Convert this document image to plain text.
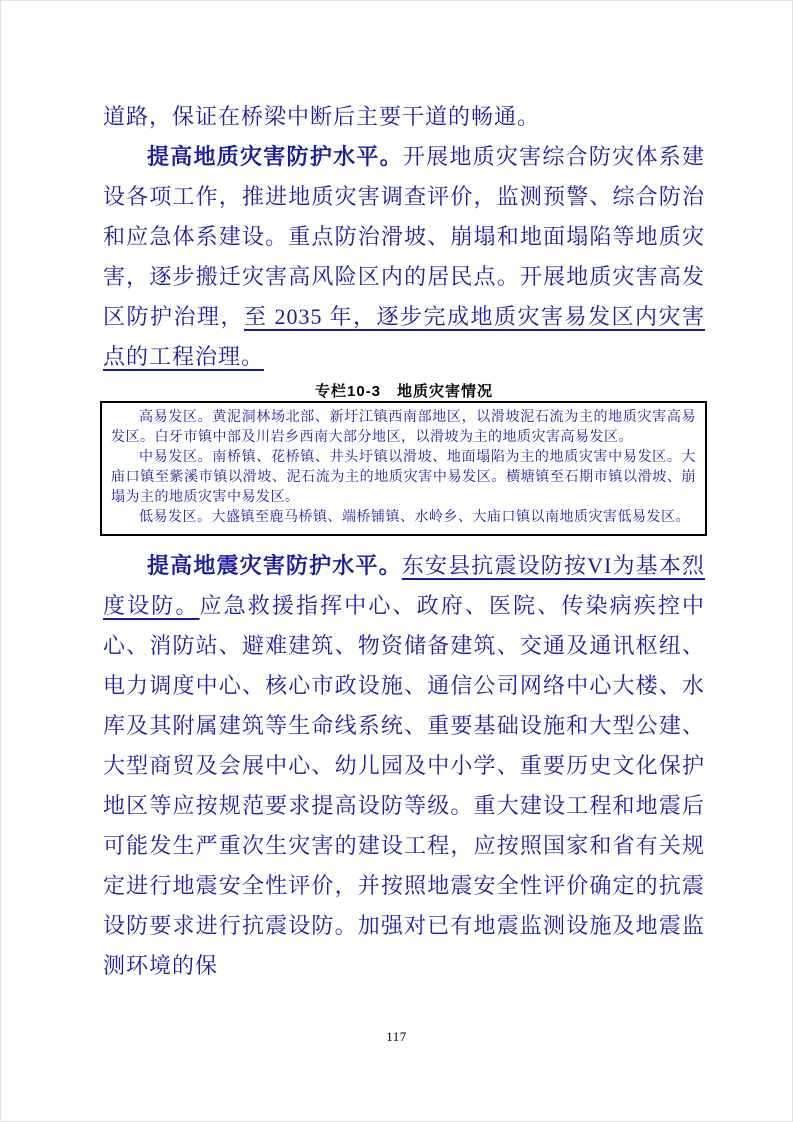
道路，保证在桥梁中断后主要干道的畅通。

提高地质灾害防护水平。开展地质灾害综合防灾体系建设各项工作，推进地质灾害调查评价，监测预警、综合防治和应急体系建设。重点防治滑坡、崩塌和地面塌陷等地质灾害，逐步搬迁灾害高风险区内的居民点。开展地质灾害高发区防护治理，至 2035 年，逐步完成地质灾害易发区内灾害点的工程治理。

专栏10-3　地质灾害情况

高易发区。黄泥洞林场北部、新圩江镇西南部地区，以滑坡泥石流为主的地质灾害高易发区。白牙市镇中部及川岩乡西南大部分地区，以滑坡为主的地质灾害高易发区。

中易发区。南桥镇、花桥镇、井头圩镇以滑坡、地面塌陷为主的地质灾害中易发区。大庙口镇至紫溪市镇以滑坡、泥石流为主的地质灾害中易发区。横塘镇至石期市镇以滑坡、崩塌为主的地质灾害中易发区。

低易发区。大盛镇至鹿马桥镇、端桥铺镇、水岭乡、大庙口镇以南地质灾害低易发区。

提高地震灾害防护水平。东安县抗震设防按VI为基本烈度设防。应急救援指挥中心、政府、医院、传染病疾控中心、消防站、避难建筑、物资储备建筑、交通及通讯枢纽、电力调度中心、核心市政设施、通信公司网络中心大楼、水库及其附属建筑等生命线系统、重要基础设施和大型公建、大型商贸及会展中心、幼儿园及中小学、重要历史文化保护地区等应按规范要求提高设防等级。重大建设工程和地震后可能发生严重次生灾害的建设工程，应按照国家和省有关规定进行地震安全性评价，并按照地震安全性评价确定的抗震设防要求进行抗震设防。加强对已有地震监测设施及地震监测环境的保

117
